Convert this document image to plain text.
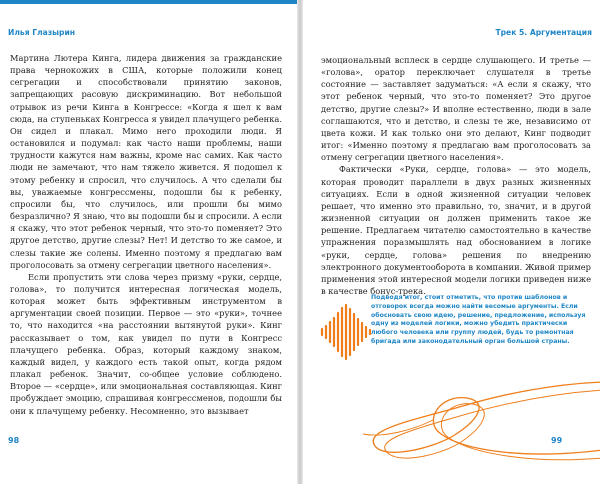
Илья Глазырин

Мартина Лютера Кинга, лидера движения за гражданские права чернокожих в США, которые положили конец сегрегации и способствовали принятию законов, запрещающих расовую дискриминацию. Вот небольшой отрывок из речи Кинга в Конгрессе: «Когда я шел к вам сюда, на ступеньках Конгресса я увидел плачущего ребенка. Он сидел и плакал. Мимо него проходили люди. Я остановился и подумал: как часто наши проблемы, наши трудности кажутся нам важны, кроме нас самих. Как часто люди не замечают, что нам тяжело живется. Я подошел к этому ребенку и спросил, что случилось. А что сделали бы вы, уважаемые конгрессмены, подошли бы к ребенку, спросили бы, что случилось, или прошли бы мимо безразлично? Я знаю, что вы подошли бы и спросили. А если я скажу, что этот ребенок черный, что это-то поменяет? Это другое детство, другие слезы? Нет! И детство то же самое, и слезы такие же солены. Именно поэтому я предлагаю вам проголосовать за отмену сегрегации цветного населения».

Если пропустить эти слова через призму «руки, сердце, голова», то получится интересная логическая модель, которая может быть эффективным инструментом в аргументации своей позиции. Первое — это «руки», точнее то, что находится «на расстоянии вытянутой руки». Кинг рассказывает о том, как увидел по пути в Конгресс плачущего ребенка. Образ, который каждому знаком, каждый видел, у каждого есть такой опыт, когда рядом плакал ребенок. Значит, со-общее условие соблюдено. Второе — «сердце», или эмоциональная составляющая. Кинг пробуждает эмоцию, спрашивая конгрессменов, подошли бы они к плачущему ребенку. Несомненно, это вызывает

98
Трек 5. Аргументация

эмоциональный всплеск в сердце слушающего. И третье — «голова», оратор переключает слушателя в третье состояние — заставляет задуматься: «А если я скажу, что этот ребенок черный, что это-то поменяет? Это другое детство, другие слезы?» И вполне естественно, люди в зале соглашаются, что и детство, и слезы те же, независимо от цвета кожи. И как только они это делают, Кинг подводит итог: «Именно поэтому я предлагаю вам проголосовать за отмену сегрегации цветного населения».

Фактически «Руки, сердце, голова» — это модель, которая проводит параллели в двух разных жизненных ситуациях. Если в одной жизненной ситуации человек решает, что именно это правильно, то, значит, и в другой жизненной ситуации он должен применить такое же решение. Предлагаем читателю самостоятельно в качестве упражнения поразмышлять над обоснованием в логике «руки, сердце, голова» решения по внедрению электронного документооборота в компании. Живой пример применения этой интересной модели логики приведен ниже в качестве бонус-трека.

Подводя итог, стоит отметить, что против шаблонов и отговорок всегда можно найти весомые аргументы. Если обосновать свою идею, решение, предложение, используя одну из моделей логики, можно убедить практически любого человека или группу людей, будь то ремонтная бригада или законодательный орган большой страны.

99
